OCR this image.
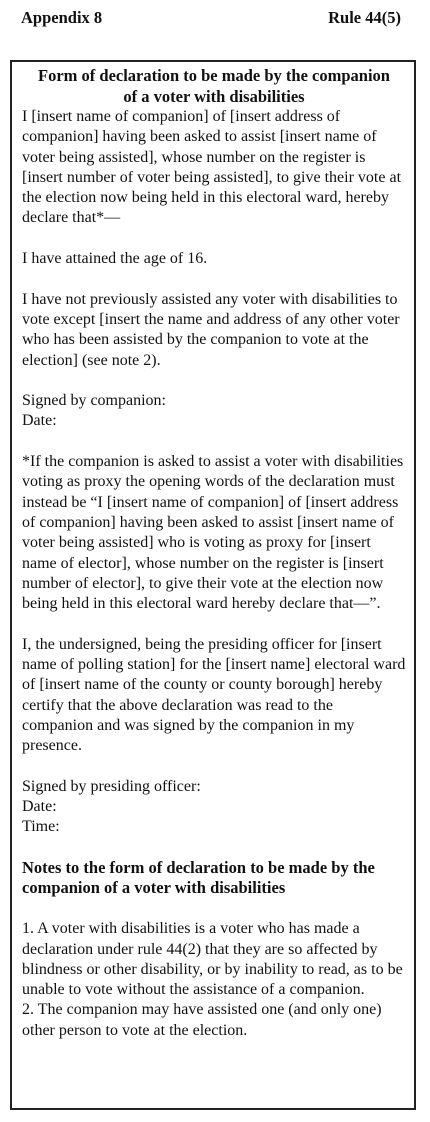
Appendix 8	Rule 44(5)
Form of declaration to be made by the companion
of a voter with disabilities

I [insert name of companion] of [insert address of companion] having been asked to assist [insert name of voter being assisted], whose number on the register is [insert number of voter being assisted], to give their vote at the election now being held in this electoral ward, hereby declare that*—

I have attained the age of 16.

I have not previously assisted any voter with disabilities to vote except [insert the name and address of any other voter who has been assisted by the companion to vote at the election] (see note 2).

Signed by companion:

Date:

*If the companion is asked to assist a voter with disabilities voting as proxy the opening words of the declaration must instead be “I [insert name of companion] of [insert address of companion] having been asked to assist [insert name of voter being assisted] who is voting as proxy for [insert name of elector], whose number on the register is [insert number of elector], to give their vote at the election now being held in this electoral ward hereby declare that—”.

I, the undersigned, being the presiding officer for [insert name of polling station] for the [insert name] electoral ward of [insert name of the county or county borough] hereby certify that the above declaration was read to the companion and was signed by the companion in my presence.

Signed by presiding officer:

Date:

Time:

Notes to the form of declaration to be made by the companion of a voter with disabilities

1. A voter with disabilities is a voter who has made a declaration under rule 44(2) that they are so affected by blindness or other disability, or by inability to read, as to be unable to vote without the assistance of a companion.

2. The companion may have assisted one (and only one) other person to vote at the election.
